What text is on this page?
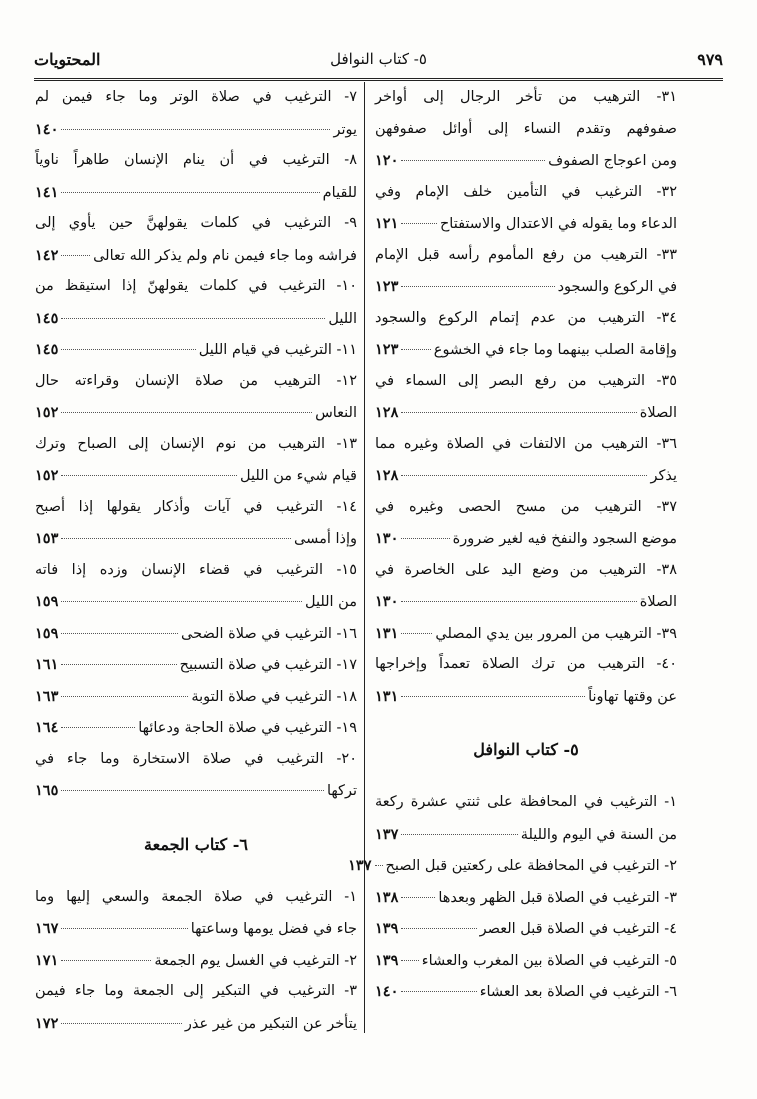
٩٧٩
٥- كتاب النوافل
المحتويات
٣١- الترهيب من تأخر الرجال إلى أواخر
صفوفهم وتقدم النساء إلى أوائل صفوفهن
ومن اعوجاج الصفوف
١٢٠
٣٢- الترغيب في التأمين خلف الإمام وفي
الدعاء وما يقوله في الاعتدال والاستفتاح
١٢١
٣٣- الترهيب من رفع المأموم رأسه قبل الإمام
في الركوع والسجود
١٢٣
٣٤- الترهيب من عدم إتمام الركوع والسجود
وإقامة الصلب بينهما وما جاء في الخشوع
١٢٣
٣٥- الترهيب من رفع البصر إلى السماء في
الصلاة
١٢٨
٣٦- الترهيب من الالتفات في الصلاة وغيره مما
يذكر
١٢٨
٣٧- الترهيب من مسح الحصى وغيره في
موضع السجود والنفخ فيه لغير ضرورة
١٣٠
٣٨- الترهيب من وضع اليد على الخاصرة في
الصلاة
١٣٠
٣٩- الترهيب من المرور بين يدي المصلي
١٣١
٤٠- الترهيب من ترك الصلاة تعمداً وإخراجها
عن وقتها تهاوناً
١٣١
٥- كتاب النوافل
١- الترغيب في المحافظة على ثنتي عشرة ركعة
من السنة في اليوم والليلة
١٣٧
٢- الترغيب في المحافظة على ركعتين قبل الصبح
١٣٧
٣- الترغيب في الصلاة قبل الظهر وبعدها
١٣٨
٤- الترغيب في الصلاة قبل العصر
١٣٩
٥- الترغيب في الصلاة بين المغرب والعشاء
١٣٩
٦- الترغيب في الصلاة بعد العشاء
١٤٠
٧- الترغيب في صلاة الوتر وما جاء فيمن لم
يوتر
١٤٠
٨- الترغيب في أن ينام الإنسان طاهراً ناوياً
للقيام
١٤١
٩- الترغيب في كلمات يقولهنَّ حين يأوي إلى
فراشه وما جاء فيمن نام ولم يذكر الله تعالى
١٤٢
١٠- الترغيب في كلمات يقولهنّ إذا استيقظ من
الليل
١٤٥
١١- الترغيب في قيام الليل
١٤٥
١٢- الترهيب من صلاة الإنسان وقراءته حال
النعاس
١٥٢
١٣- الترهيب من نوم الإنسان إلى الصباح وترك
قيام شيء من الليل
١٥٢
١٤- الترغيب في آيات وأذكار يقولها إذا أصبح
وإذا أمسى
١٥٣
١٥- الترغيب في قضاء الإنسان وزده إذا فاته
من الليل
١٥٩
١٦- الترغيب في صلاة الضحى
١٥٩
١٧- الترغيب في صلاة التسبيح
١٦١
١٨- الترغيب في صلاة التوبة
١٦٣
١٩- الترغيب في صلاة الحاجة ودعائها
١٦٤
٢٠- الترغيب في صلاة الاستخارة وما جاء في
تركها
١٦٥
٦- كتاب الجمعة
١- الترغيب في صلاة الجمعة والسعي إليها وما
جاء في فضل يومها وساعتها
١٦٧
٢- الترغيب في الغسل يوم الجمعة
١٧١
٣- الترغيب في التبكير إلى الجمعة وما جاء فيمن
يتأخر عن التبكير من غير عذر
١٧٢
